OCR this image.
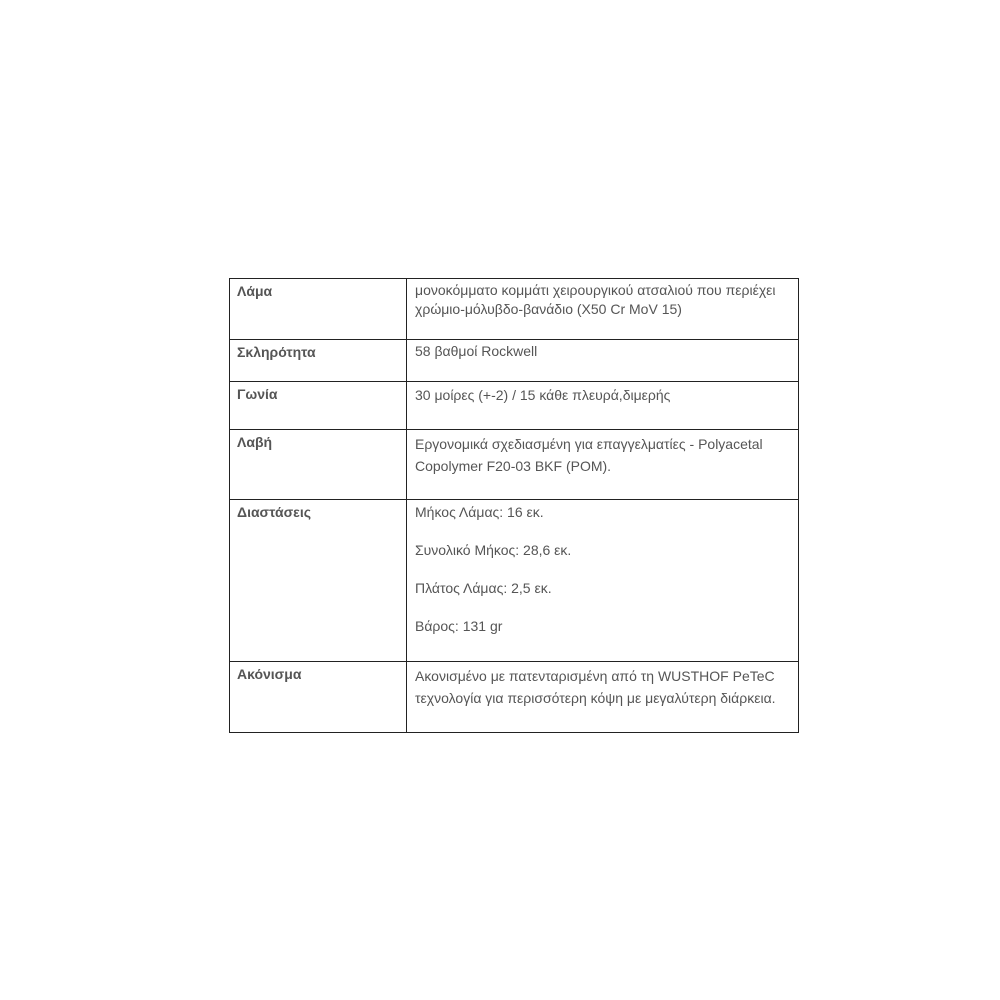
Λάμα	μονοκόμματο κομμάτι χειρουργικού ατσαλιού που περιέχει χρώμιο-μόλυβδο-βανάδιο (X50 Cr MoV 15)

Σκληρότητα	58 βαθμοί Rockwell

Γωνία	30 μοίρες (+-2) / 15 κάθε πλευρά,διμερής

Λαβή	Εργονομικά σχεδιασμένη για επαγγελματίες - Polyacetal Copolymer F20-03 BKF (POM).

Διαστάσεις	Μήκος Λάμας: 16 εκ.

Συνολικό Μήκος: 28,6 εκ.

Πλάτος Λάμας: 2,5 εκ.

Βάρος: 131 gr

Ακόνισμα	Ακονισμένο με πατενταρισμένη από τη WUSTHOF PeTeC τεχνολογία για περισσότερη κόψη με μεγαλύτερη διάρκεια.
